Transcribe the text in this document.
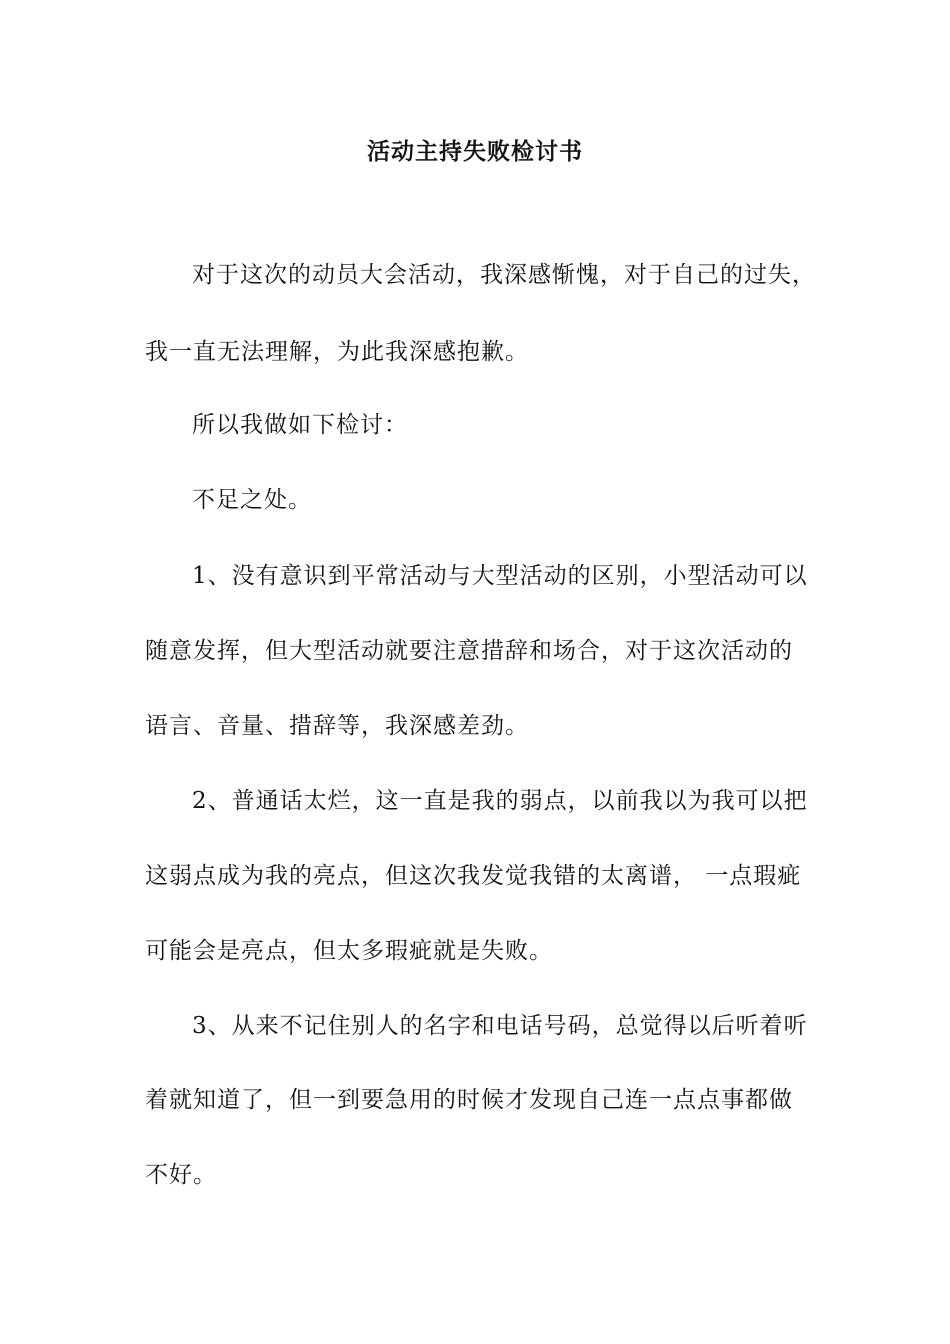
活动主持失败检讨书
对于这次的动员大会活动，我深感惭愧，对于自己的过失，
我一直无法理解，为此我深感抱歉。
所以我做如下检讨：
不足之处。
1、没有意识到平常活动与大型活动的区别，小型活动可以
随意发挥，但大型活动就要注意措辞和场合，对于这次活动的
语言、音量、措辞等，我深感差劲。
2、普通话太烂，这一直是我的弱点，以前我以为我可以把
这弱点成为我的亮点，但这次我发觉我错的太离谱， 一点瑕疵
可能会是亮点，但太多瑕疵就是失败。
3、从来不记住别人的名字和电话号码，总觉得以后听着听
着就知道了，但一到要急用的时候才发现自己连一点点事都做
不好。
